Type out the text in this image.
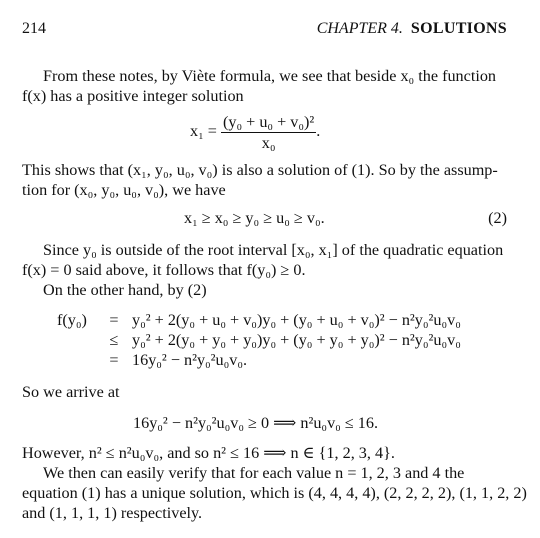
214	CHAPTER 4. SOLUTIONS
From these notes, by Viète formula, we see that beside x₀ the function
f(x) has a positive integer solution
$x_1 = \frac{\text{(y₀ + u₀ + v₀)²}}{\text{x₀}}$ .
This shows that (x₁, y₀, u₀, v₀) is also a solution of (1). So by the assump-
tion for (x₀, y₀, u₀, v₀), we have
x₁ ≥ x₀ ≥ y₀ ≥ u₀ ≥ v₀.	(2)
Since y₀ is outside of the root interval [x₀, x₁] of the quadratic equation
f(x) = 0 said above, it follows that f(y₀) ≥ 0.
On the other hand, by (2)
f(y₀)	= y₀² + 2(y₀ + u₀ + v₀)y₀ + (y₀ + u₀ + v₀)² − n²y₀²u₀v₀
≤ y₀² + 2(y₀ + y₀ + y₀)y₀ + (y₀ + y₀ + y₀)² − n²y₀²u₀v₀
= 16y₀² − n²y₀²u₀v₀.
So we arrive at
16y₀² − n²y₀²u₀v₀ ≥ 0 ⟹ n²u₀v₀ ≤ 16.
However, n² ≤ n²u₀v₀, and so n² ≤ 16 ⟹ n ∈ {1, 2, 3, 4}.
We then can easily verify that for each value n = 1, 2, 3 and 4 the
equation (1) has a unique solution, which is (4, 4, 4, 4), (2, 2, 2, 2), (1, 1, 2, 2)
and (1, 1, 1, 1) respectively.
